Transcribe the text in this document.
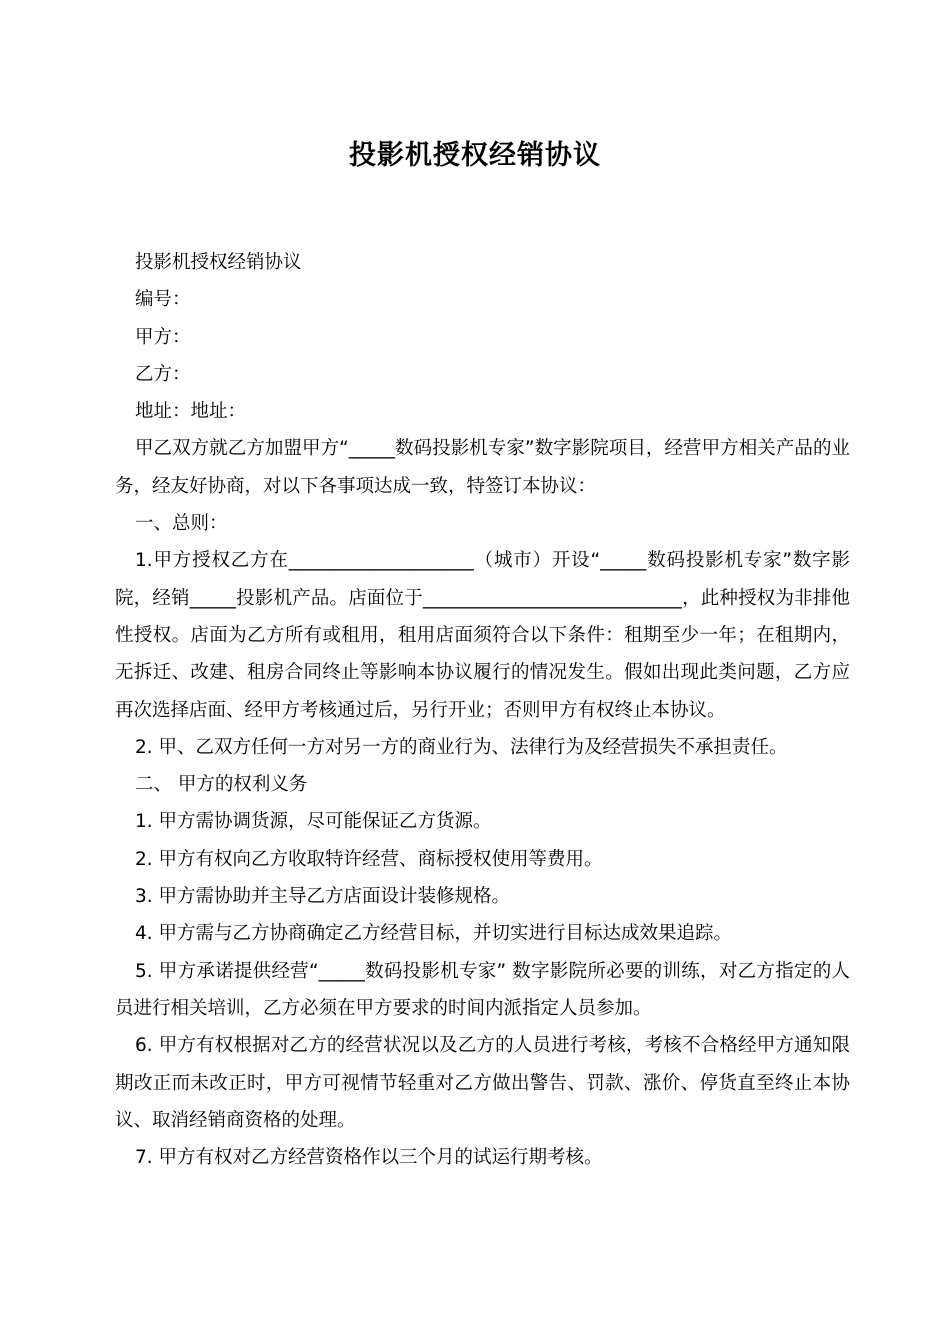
投影机授权经销协议

投影机授权经销协议

编号：

甲方：

乙方：

地址：地址：

甲乙双方就乙方加盟甲方“_____数码投影机专家”数字影院项目，经营甲方相关产品的业务，经友好协商，对以下各事项达成一致，特签订本协议：

一、总则：

1.甲方授权乙方在____________________（城市）开设“_____数码投影机专家”数字影院，经销_____投影机产品。店面位于____________________________，此种授权为非排他性授权。店面为乙方所有或租用，租用店面须符合以下条件：租期至少一年；在租期内，无拆迁、改建、租房合同终止等影响本协议履行的情况发生。假如出现此类问题，乙方应再次选择店面、经甲方考核通过后，另行开业；否则甲方有权终止本协议。

2. 甲、乙双方任何一方对另一方的商业行为、法律行为及经营损失不承担责任。

二、 甲方的权利义务

1. 甲方需协调货源，尽可能保证乙方货源。

2. 甲方有权向乙方收取特许经营、商标授权使用等费用。

3. 甲方需协助并主导乙方店面设计装修规格。

4. 甲方需与乙方协商确定乙方经营目标，并切实进行目标达成效果追踪。

5. 甲方承诺提供经营“_____数码投影机专家” 数字影院所必要的训练，对乙方指定的人员进行相关培训，乙方必须在甲方要求的时间内派指定人员参加。

6. 甲方有权根据对乙方的经营状况以及乙方的人员进行考核，考核不合格经甲方通知限期改正而未改正时，甲方可视情节轻重对乙方做出警告、罚款、涨价、停货直至终止本协议、取消经销商资格的处理。

7. 甲方有权对乙方经营资格作以三个月的试运行期考核。
